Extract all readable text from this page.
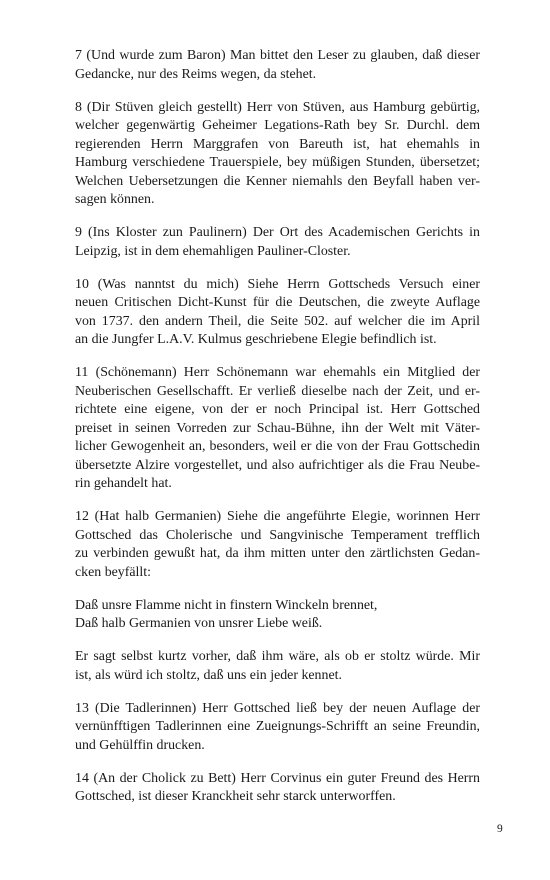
7 (Und wurde zum Baron) Man bittet den Leser zu glauben, daß dieser
Gedancke, nur des Reims wegen, da stehet.

8 (Dir Stüven gleich gestellt) Herr von Stüven, aus Hamburg gebürtig,
welcher gegenwärtig Geheimer Legations-Rath bey Sr. Durchl. dem
regierenden Herrn Marggrafen von Bareuth ist, hat ehemahls in
Hamburg verschiedene Trauerspiele, bey müßigen Stunden, übersetzet;
Welchen Uebersetzungen die Kenner niemahls den Beyfall haben ver-
sagen können.

9 (Ins Kloster zun Paulinern) Der Ort des Academischen Gerichts in
Leipzig, ist in dem ehemahligen Pauliner-Closter.

10 (Was nanntst du mich) Siehe Herrn Gottscheds Versuch einer
neuen Critischen Dicht-Kunst für die Deutschen, die zweyte Auflage
von 1737. den andern Theil, die Seite 502. auf welcher die im April
an die Jungfer L.A.V. Kulmus geschriebene Elegie befindlich ist.

11 (Schönemann) Herr Schönemann war ehemahls ein Mitglied der
Neuberischen Gesellschafft. Er verließ dieselbe nach der Zeit, und er-
richtete eine eigene, von der er noch Principal ist. Herr Gottsched
preiset in seinen Vorreden zur Schau-Bühne, ihn der Welt mit Väter-
licher Gewogenheit an, besonders, weil er die von der Frau Gottschedin
übersetzte Alzire vorgestellet, und also aufrichtiger als die Frau Neube-
rin gehandelt hat.

12 (Hat halb Germanien) Siehe die angeführte Elegie, worinnen Herr
Gottsched das Cholerische und Sangvinische Temperament trefflich
zu verbinden gewußt hat, da ihm mitten unter den zärtlichsten Gedan-
cken beyfällt:

Daß unsre Flamme nicht in finstern Winckeln brennet,
Daß halb Germanien von unsrer Liebe weiß.

Er sagt selbst kurtz vorher, daß ihm wäre, als ob er stoltz würde. Mir
ist, als würd ich stoltz, daß uns ein jeder kennet.

13 (Die Tadlerinnen) Herr Gottsched ließ bey der neuen Auflage der
vernünfftigen Tadlerinnen eine Zueignungs-Schrifft an seine Freundin,
und Gehülffin drucken.

14 (An der Cholick zu Bett) Herr Corvinus ein guter Freund des Herrn
Gottsched, ist dieser Kranckheit sehr starck unterworffen.

9
